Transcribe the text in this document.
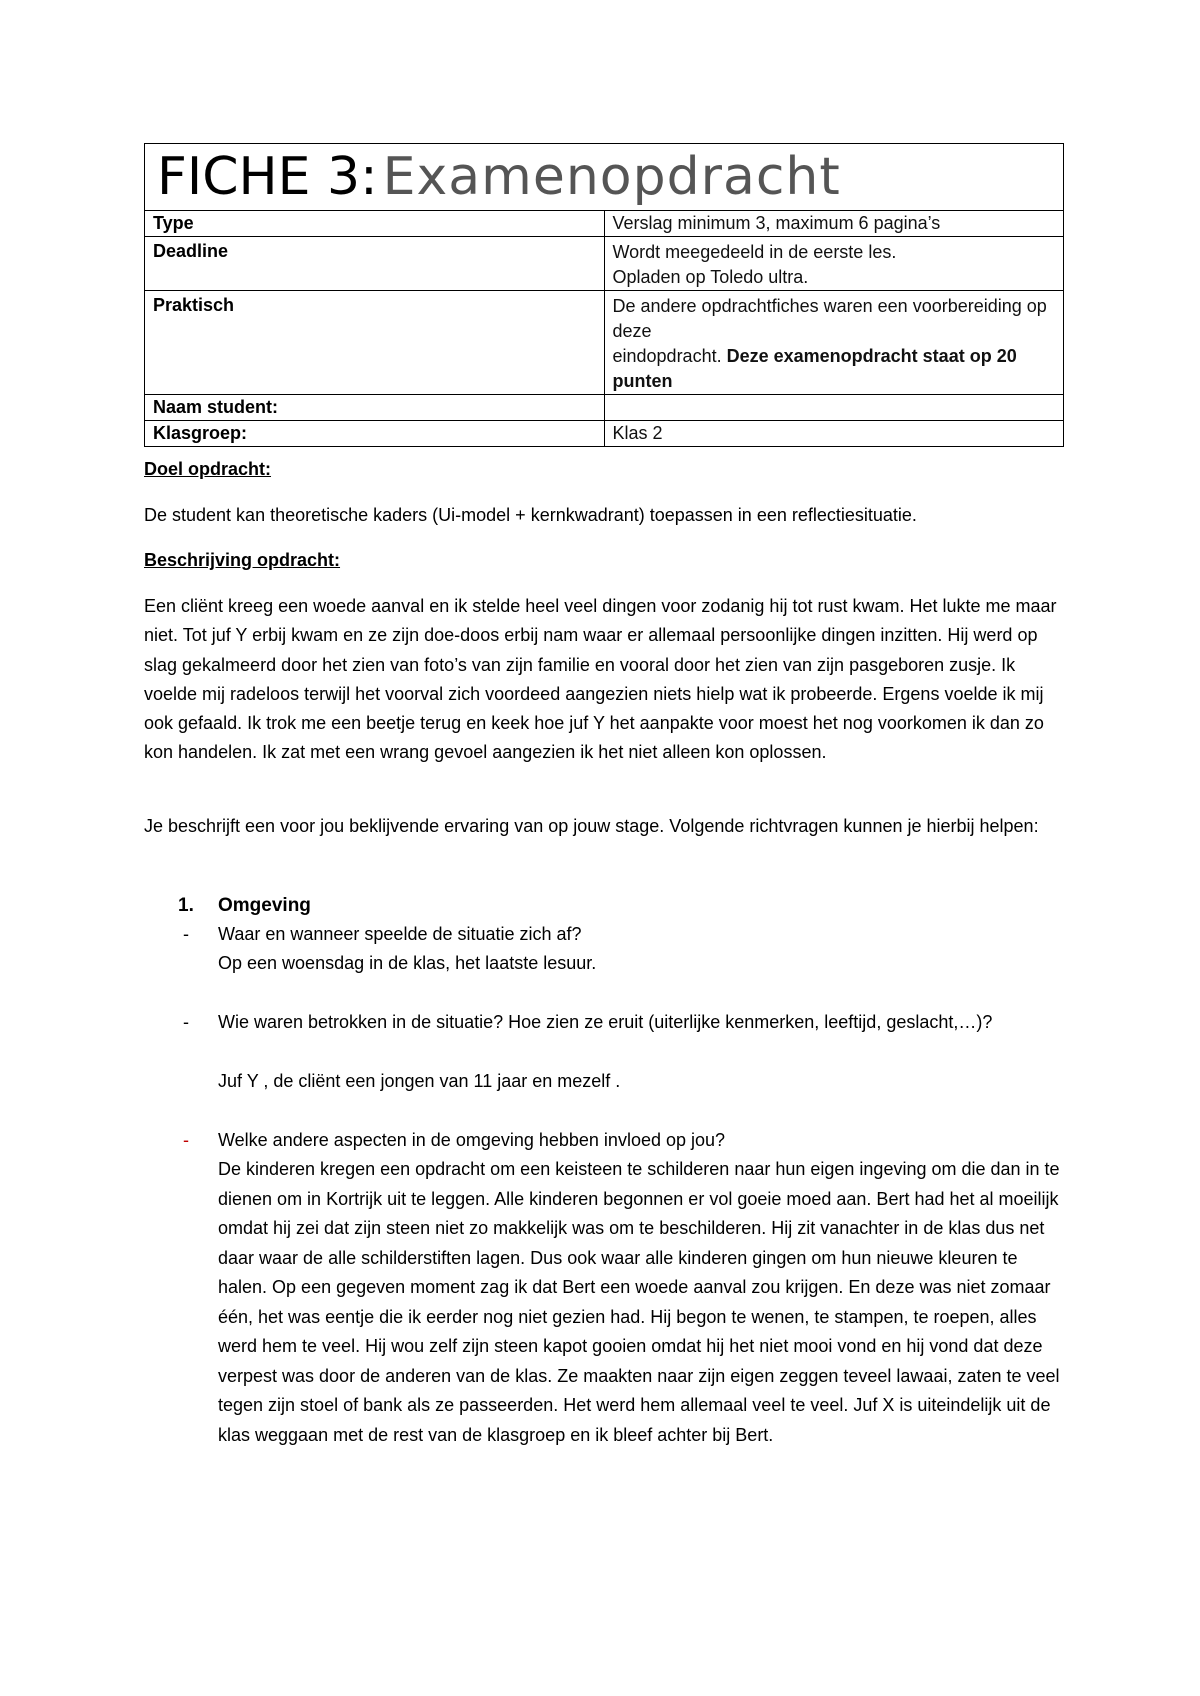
FICHE 3: Examenopdracht	
Type	Verslag minimum 3, maximum 6 pagina’s
Deadline	Wordt meegedeeld in de eerste les.
Opladen op Toledo ultra.

Praktisch	De andere opdrachtfiches waren een voorbereiding op deze
eindopdracht. Deze examenopdracht staat op 20 punten

Naam student:	
Klasgroep:	Klas 2

Doel opdracht:

De student kan theoretische kaders (Ui-model + kernkwadrant) toepassen in een reflectiesituatie.

Beschrijving opdracht:

Een cliënt kreeg een woede aanval en ik stelde heel veel dingen voor zodanig hij tot rust kwam. Het lukte me maar niet. Tot juf Y erbij kwam en ze zijn doe-doos erbij nam waar er allemaal persoonlijke dingen inzitten. Hij werd op slag gekalmeerd door het zien van foto’s van zijn familie en vooral door het zien van zijn pasgeboren zusje. Ik voelde mij radeloos terwijl het voorval zich voordeed aangezien niets hielp wat ik probeerde. Ergens voelde ik mij ook gefaald. Ik trok me een beetje terug en keek hoe juf Y het aanpakte voor moest het nog voorkomen ik dan zo kon handelen. Ik zat met een wrang gevoel aangezien ik het niet alleen kon oplossen.

Je beschrijft een voor jou beklijvende ervaring van op jouw stage. Volgende richtvragen kunnen je hierbij helpen:

1. Omgeving
- Waar en wanneer speelde de situatie zich af?

Op een woensdag in de klas, het laatste lesuur.

- Wie waren betrokken in de situatie? Hoe zien ze eruit (uiterlijke kenmerken, leeftijd, geslacht,…)?

Juf Y , de cliënt een jongen van 11 jaar en mezelf .

- Welke andere aspecten in de omgeving hebben invloed op jou?

De kinderen kregen een opdracht om een keisteen te schilderen naar hun eigen ingeving om die dan in te dienen om in Kortrijk uit te leggen. Alle kinderen begonnen er vol goeie moed aan. Bert had het al moeilijk omdat hij zei dat zijn steen niet zo makkelijk was om te beschilderen. Hij zit vanachter in de klas dus net daar waar de alle schilderstiften lagen. Dus ook waar alle kinderen gingen om hun nieuwe kleuren te halen. Op een gegeven moment zag ik dat Bert een woede aanval zou krijgen. En deze was niet zomaar één, het was eentje die ik eerder nog niet gezien had. Hij begon te wenen, te stampen, te roepen, alles werd hem te veel. Hij wou zelf zijn steen kapot gooien omdat hij het niet mooi vond en hij vond dat deze verpest was door de anderen van de klas. Ze maakten naar zijn eigen zeggen teveel lawaai, zaten te veel tegen zijn stoel of bank als ze passeerden. Het werd hem allemaal veel te veel. Juf X is uiteindelijk uit de klas weggaan met de rest van de klasgroep en ik bleef achter bij Bert.
